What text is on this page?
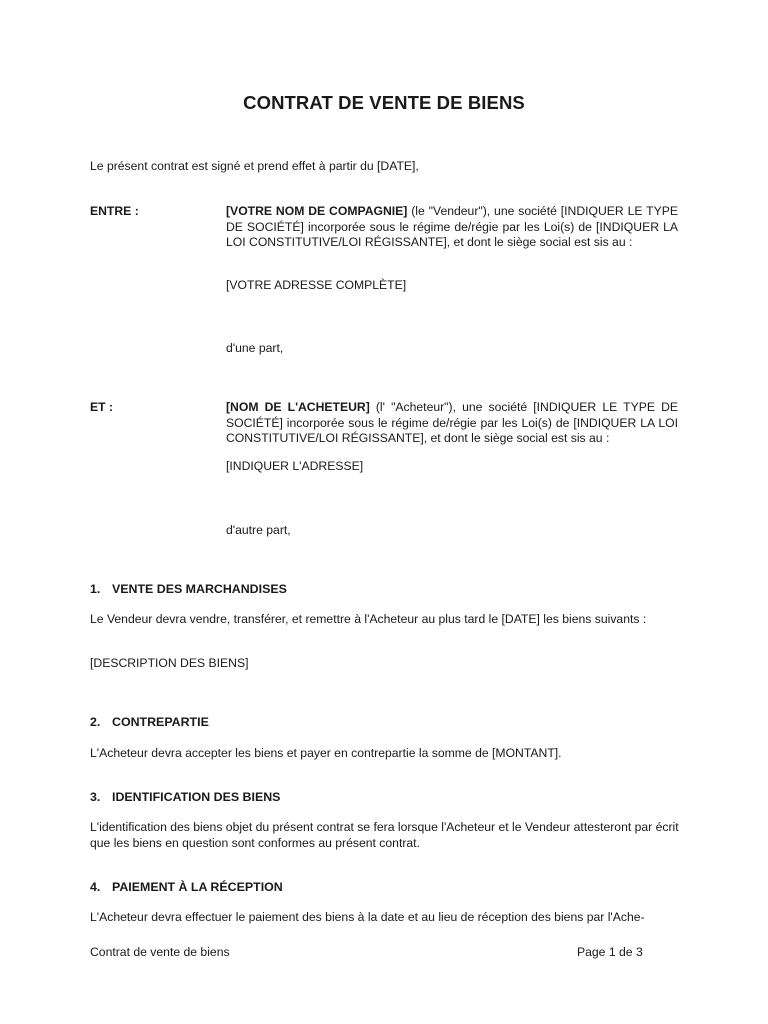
CONTRAT DE VENTE DE BIENS
Le présent contrat est signé et prend effet à partir du [DATE],
ENTRE :	[VOTRE NOM DE COMPAGNIE] (le "Vendeur"), une société [INDIQUER LE TYPE DE SOCIÉTÉ] incorporée sous le régime de/régie par les Loi(s) de [INDIQUER LA LOI CONSTITUTIVE/LOI RÉGISSANTE], et dont le siège social est sis au :
[VOTRE ADRESSE COMPLÈTE]
d'une part,
ET :	[NOM DE L'ACHETEUR] (l' "Acheteur"), une société [INDIQUER LE TYPE DE SOCIÉTÉ] incorporée sous le régime de/régie par les Loi(s) de [INDIQUER LA LOI CONSTITUTIVE/LOI RÉGISSANTE], et dont le siège social est sis au :
[INDIQUER L'ADRESSE]
d'autre part,
1. VENTE DES MARCHANDISES
Le Vendeur devra vendre, transférer, et remettre à l'Acheteur au plus tard le [DATE] les biens suivants :
[DESCRIPTION DES BIENS]
2. CONTREPARTIE
L'Acheteur devra accepter les biens et payer en contrepartie la somme de [MONTANT].
3. IDENTIFICATION DES BIENS
L'identification des biens objet du présent contrat se fera lorsque l'Acheteur et le Vendeur attesteront par écrit que les biens en question sont conformes au présent contrat.
4. PAIEMENT À LA RÉCEPTION
L'Acheteur devra effectuer le paiement des biens à la date et au lieu de réception des biens par l'Ache-
Contrat de vente de biens	Page 1 de 3
